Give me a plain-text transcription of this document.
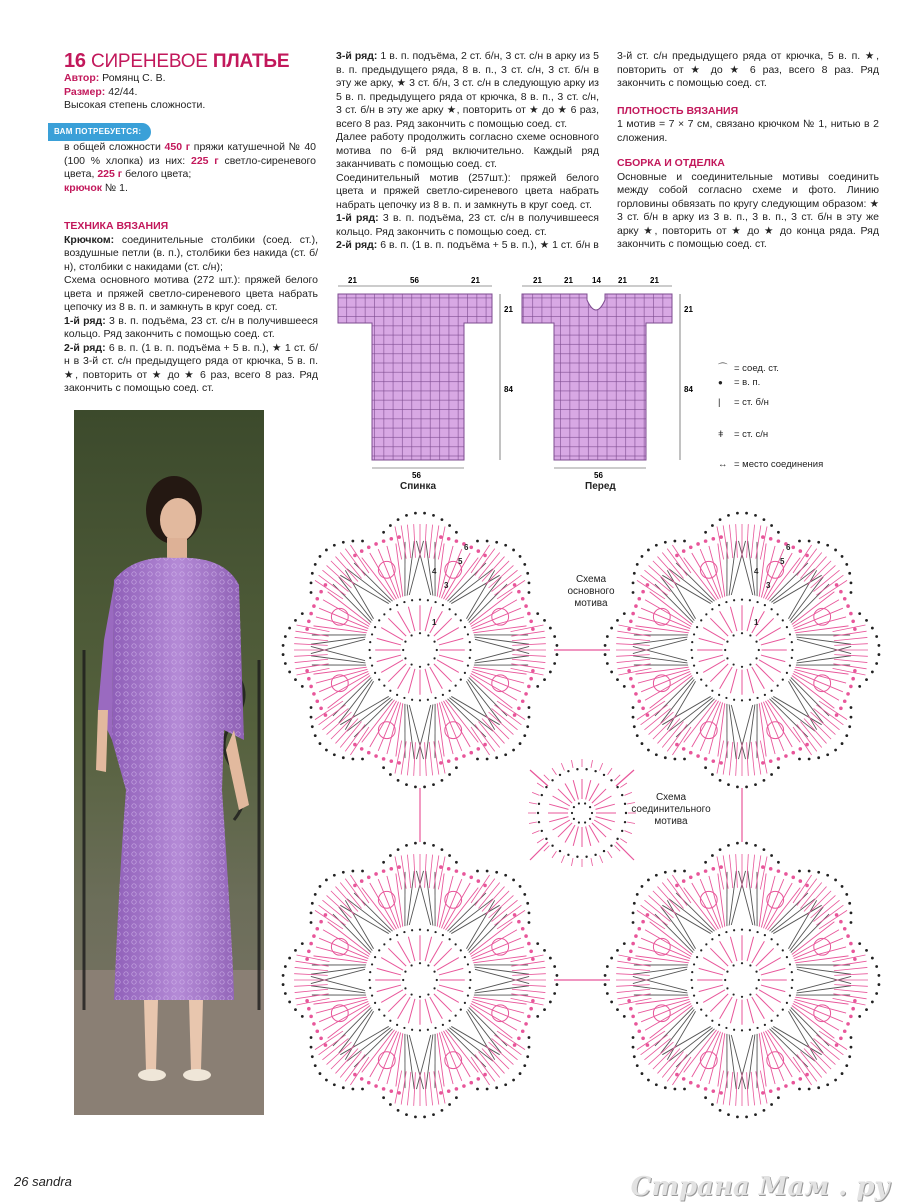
16 СИРЕНЕВОЕ ПЛАТЬЕ

Автор: Ромянц С. В.

Размер: 42/44.

Высокая степень сложности.

ВАМ ПОТРЕБУЕТСЯ:

в общей сложности 450 г пряжи катушечной № 40 (100 % хлопка) из них: 225 г светло-сиреневого цвета, 225 г белого цвета;

крючок № 1.

ТЕХНИКА ВЯЗАНИЯ

Крючком: соединительные столбики (соед. ст.), воздушные петли (в. п.), столбики без накида (ст. б/н), столбики с накидами (ст. с/н);

Схема основного мотива (272 шт.): пряжей белого цвета и пряжей светло-сиреневого цвета набрать цепочку из 8 в. п. и замкнуть в круг соед. ст.

1-й ряд: 3 в. п. подъёма, 23 ст. с/н в получившееся кольцо. Ряд закончить с помощью соед. ст.

2-й ряд: 6 в. п. (1 в. п. подъёма + 5 в. п.), ★ 1 ст. б/н в 3-й ст. с/н предыдущего ряда от крючка, 5 в. п. ★, повторить от ★ до ★ 6 раз, всего 8 раз. Ряд закончить с помощью соед. ст.

3-й ряд: 1 в. п. подъёма, 2 ст. б/н, 3 ст. с/н в арку из 5 в. п. предыдущего ряда, 8 в. п., 3 ст. с/н, 3 ст. б/н в эту же арку, ★ 3 ст. б/н, 3 ст. с/н в следующую арку из 5 в. п. предыдущего ряда от крючка, 8 в. п., 3 ст. с/н, 3 ст. б/н в эту же арку ★, повторить от ★ до ★ 6 раз, всего 8 раз. Ряд закончить с помощью соед. ст.

Далее работу продолжить согласно схеме основного мотива по 6-й ряд включительно. Каждый ряд заканчивать с помощью соед. ст.

Соединительный мотив (257шт.): пряжей белого цвета и пряжей светло-сиреневого цвета набрать набрать цепочку из 8 в. п. и замкнуть в круг соед. ст.

1-й ряд: 3 в. п. подъёма, 23 ст. с/н в получившееся кольцо. Ряд закончить с помощью соед. ст.

2-й ряд: 6 в. п. (1 в. п. подъёма + 5 в. п.), ★ 1 ст. б/н в

3-й ст. с/н предыдущего ряда от крючка, 5 в. п. ★, повторить от ★ до ★ 6 раз, всего 8 раз. Ряд закончить с помощью соед. ст.

ПЛОТНОСТЬ ВЯЗАНИЯ

1 мотив = 7 × 7 см, связано крючком № 1, нитью в 2 сложения.

СБОРКА И ОТДЕЛКА

Основные и соединительные мотивы соединить между собой согласно схеме и фото. Линию горловины обвязать по кругу следующим образом: ★ 3 ст. б/н в арку из 3 в. п., 3 в. п., 3 ст. б/н в эту же арку ★, повторить от ★ до ★ до конца ряда. Ряд закончить с помощью соед. ст.

21	56	21
56
21
84
Спинка
21	21 14 21	21
56
21
84
Перед
⌒ = соед. ст.
● = в. п.
| = ст. б/н
ǂ = ст. с/н
↔ = место соединения
1
3
4
5
6
1
3
4
5
6
Схема
основного
мотива
Схема
соединительного
мотива
26 sandra	Страна Мам . ру
